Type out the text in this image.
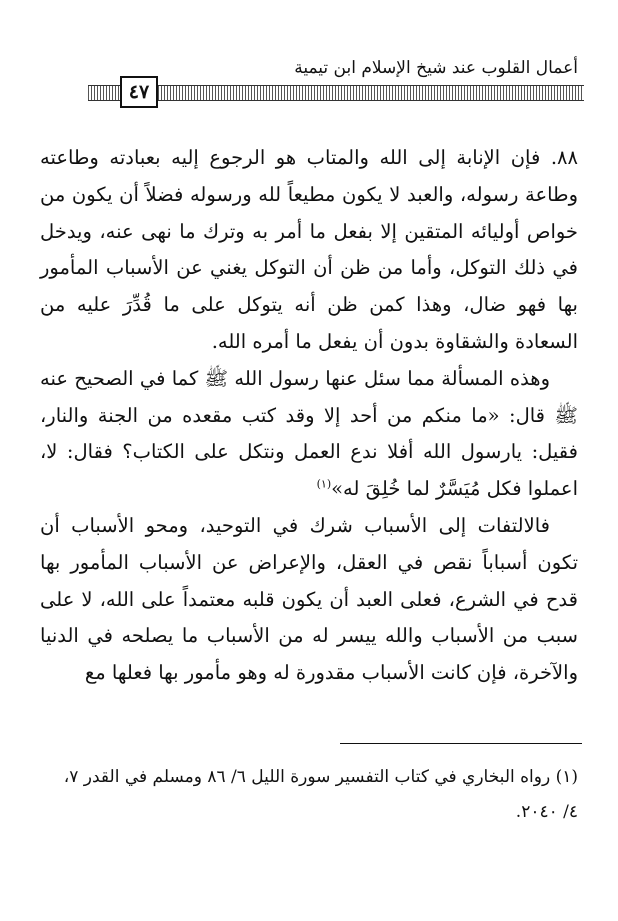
أعمال القلوب عند شيخ الإسلام ابن تيمية
٤٧

٨٨. فإن الإنابة إلى الله والمتاب هو الرجوع إليه بعبادته وطاعته وطاعة رسوله، والعبد لا يكون مطيعاً لله ورسوله فضلاً أن يكون من خواص أوليائه المتقين إلا بفعل ما أمر به وترك ما نهى عنه، ويدخل في ذلك التوكل، وأما من ظن أن التوكل يغني عن الأسباب المأمور بها فهو ضال، وهذا كمن ظن أنه يتوكل على ما قُدِّرَ عليه من السعادة والشقاوة بدون أن يفعل ما أمره الله.

وهذه المسألة مما سئل عنها رسول الله ﷺ كما في الصحيح عنه ﷺ قال: «ما منكم من أحد إلا وقد كتب مقعده من الجنة والنار، فقيل: يارسول الله أفلا ندع العمل ونتكل على الكتاب؟ فقال: لا، اعملوا فكل مُيَسَّرٌ لما خُلِقَ له»$^{(١)}$

فالالتفات إلى الأسباب شرك في التوحيد، ومحو الأسباب أن تكون أسباباً نقص في العقل، والإعراض عن الأسباب المأمور بها قدح في الشرع، فعلى العبد أن يكون قلبه معتمداً على الله، لا على سبب من الأسباب والله ييسر له من الأسباب ما يصلحه في الدنيا والآخرة، فإن كانت الأسباب مقدورة له وهو مأمور بها فعلها مع

(١) رواه البخاري في كتاب التفسير سورة الليل ٦/ ٨٦ ومسلم في القدر ٧،

٤/ ٢٠٤٠.
